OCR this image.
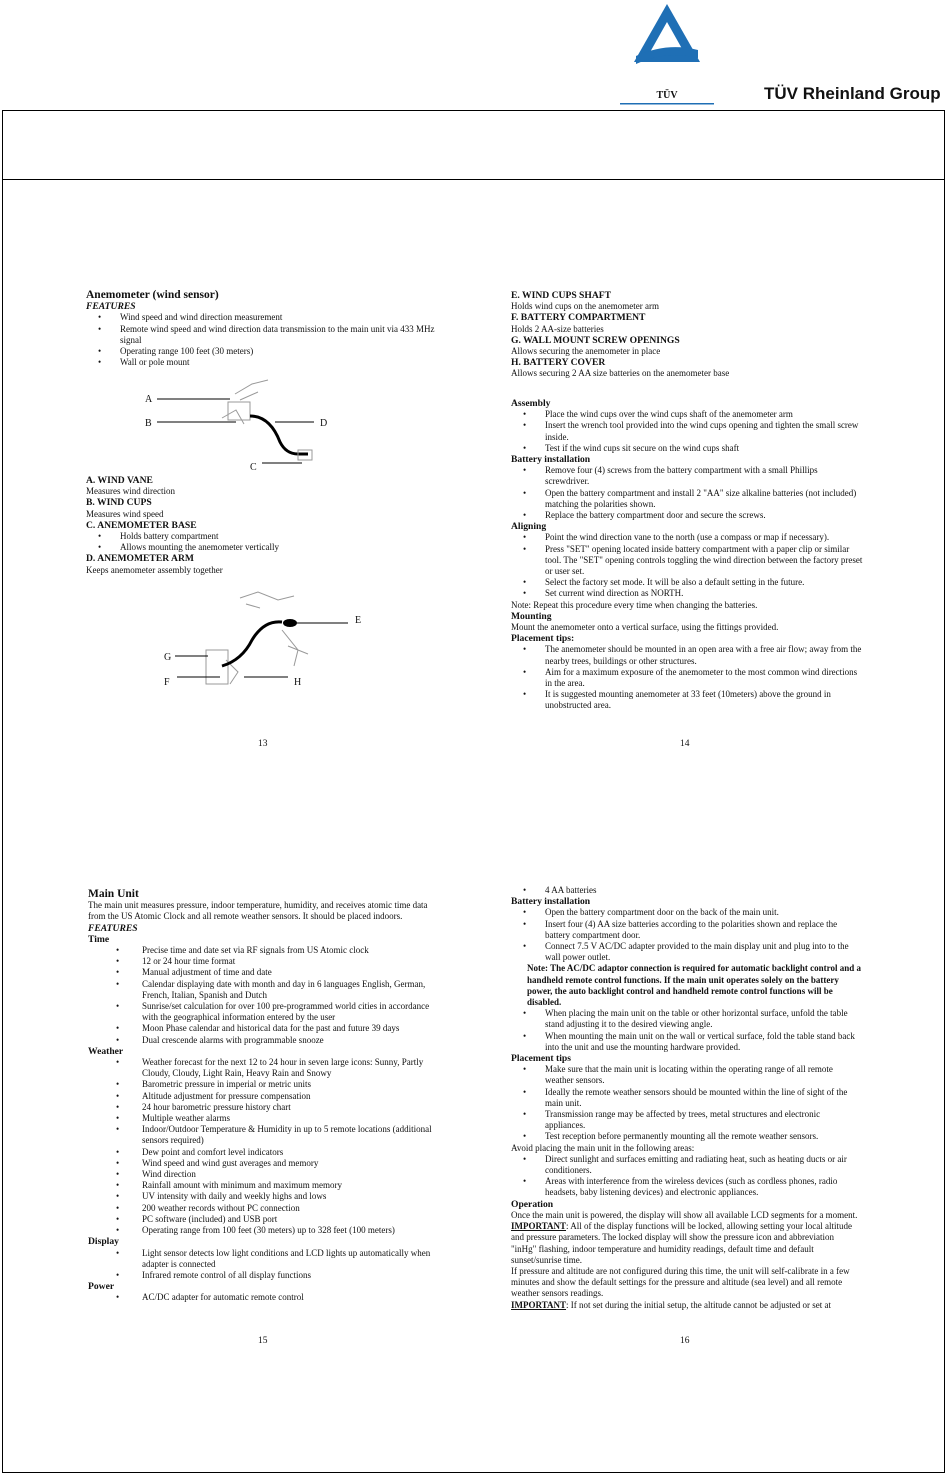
TÜV	TÜV Rheinland Group
Anemometer (wind sensor)
FEATURES
• Wind speed and wind direction measurement
• Remote wind speed and wind direction data transmission to the main unit via 433 MHz signal
• Operating range 100 feet (30 meters)
• Wall or pole mount
A
B
C
D
A. WIND VANE
Measures wind direction
B. WIND CUPS
Measures wind speed
C. ANEMOMETER BASE
• Holds battery compartment
• Allows mounting the anemometer vertically
D. ANEMOMETER ARM
Keeps anemometer assembly together
E
G
F	H
13
E. WIND CUPS SHAFT
Holds wind cups on the anemometer arm
F. BATTERY COMPARTMENT
Holds 2 AA-size batteries
G. WALL MOUNT SCREW OPENINGS
Allows securing the anemometer in place
H. BATTERY COVER
Allows securing 2 AA size batteries on the anemometer base
Assembly
• Place the wind cups over the wind cups shaft of the anemometer arm
• Insert the wrench tool provided into the wind cups opening and tighten the small screw inside.
• Test if the wind cups sit secure on the wind cups shaft
Battery installation
• Remove four (4) screws from the battery compartment with a small Phillips screwdriver.
• Open the battery compartment and install 2 "AA" size alkaline batteries (not included) matching the polarities shown.
• Replace the battery compartment door and secure the screws.
Aligning
• Point the wind direction vane to the north (use a compass or map if necessary).
• Press "SET" opening located inside battery compartment with a paper clip or similar tool. The "SET" opening controls toggling the wind direction between the factory preset or user set.
• Select the factory set mode. It will be also a default setting in the future.
• Set current wind direction as NORTH.
Note: Repeat this procedure every time when changing the batteries.
Mounting
Mount the anemometer onto a vertical surface, using the fittings provided.
Placement tips:
• The anemometer should be mounted in an open area with a free air flow; away from the nearby trees, buildings or other structures.
• Aim for a maximum exposure of the anemometer to the most common wind directions in the area.
• It is suggested mounting anemometer at 33 feet (10meters) above the ground in unobstructed area.
14
Main Unit
The main unit measures pressure, indoor temperature, humidity, and receives atomic time data from the US Atomic Clock and all remote weather sensors. It should be placed indoors.
FEATURES
Time
• Precise time and date set via RF signals from US Atomic clock
• 12 or 24 hour time format
• Manual adjustment of time and date
• Calendar displaying date with month and day in 6 languages English, German, French, Italian, Spanish and Dutch
• Sunrise/set calculation for over 100 pre-programmed world cities in accordance with the geographical information entered by the user
• Moon Phase calendar and historical data for the past and future 39 days
• Dual crescende alarms with programmable snooze
Weather
• Weather forecast for the next 12 to 24 hour in seven large icons: Sunny, Partly Cloudy, Cloudy, Light Rain, Heavy Rain and Snowy
• Barometric pressure in imperial or metric units
• Altitude adjustment for pressure compensation
• 24 hour barometric pressure history chart
• Multiple weather alarms
• Indoor/Outdoor Temperature & Humidity in up to 5 remote locations (additional sensors required)
• Dew point and comfort level indicators
• Wind speed and wind gust averages and memory
• Wind direction
• Rainfall amount with minimum and maximum memory
• UV intensity with daily and weekly highs and lows
• 200 weather records without PC connection
• PC software (included) and USB port
• Operating range from 100 feet (30 meters) up to 328 feet (100 meters)
Display
• Light sensor detects low light conditions and LCD lights up automatically when adapter is connected
• Infrared remote control of all display functions
Power
• AC/DC adapter for automatic remote control
15
• 4 AA batteries
Battery installation
• Open the battery compartment door on the back of the main unit.
• Insert four (4) AA size batteries according to the polarities shown and replace the battery compartment door.
• Connect 7.5 V AC/DC adapter provided to the main display unit and plug into to the wall power outlet.
Note: The AC/DC adaptor connection is required for automatic backlight control and a handheld remote control functions. If the main unit operates solely on the battery power, the auto backlight control and handheld remote control functions will be disabled.
• When placing the main unit on the table or other horizontal surface, unfold the table stand adjusting it to the desired viewing angle.
• When mounting the main unit on the wall or vertical surface, fold the table stand back into the unit and use the mounting hardware provided.
Placement tips
• Make sure that the main unit is locating within the operating range of all remote weather sensors.
• Ideally the remote weather sensors should be mounted within the line of sight of the main unit.
• Transmission range may be affected by trees, metal structures and electronic appliances.
• Test reception before permanently mounting all the remote weather sensors.
Avoid placing the main unit in the following areas:
• Direct sunlight and surfaces emitting and radiating heat, such as heating ducts or air conditioners.
• Areas with interference from the wireless devices (such as cordless phones, radio headsets, baby listening devices) and electronic appliances.
Operation
Once the main unit is powered, the display will show all available LCD segments for a moment.
IMPORTANT: All of the display functions will be locked, allowing setting your local altitude and pressure parameters. The locked display will show the pressure icon and abbreviation "inHg" flashing, indoor temperature and humidity readings, default time and default sunset/sunrise time.
If pressure and altitude are not configured during this time, the unit will self-calibrate in a few minutes and show the default settings for the pressure and altitude (sea level) and all remote weather sensors readings.
IMPORTANT: If not set during the initial setup, the altitude cannot be adjusted or set at
16
